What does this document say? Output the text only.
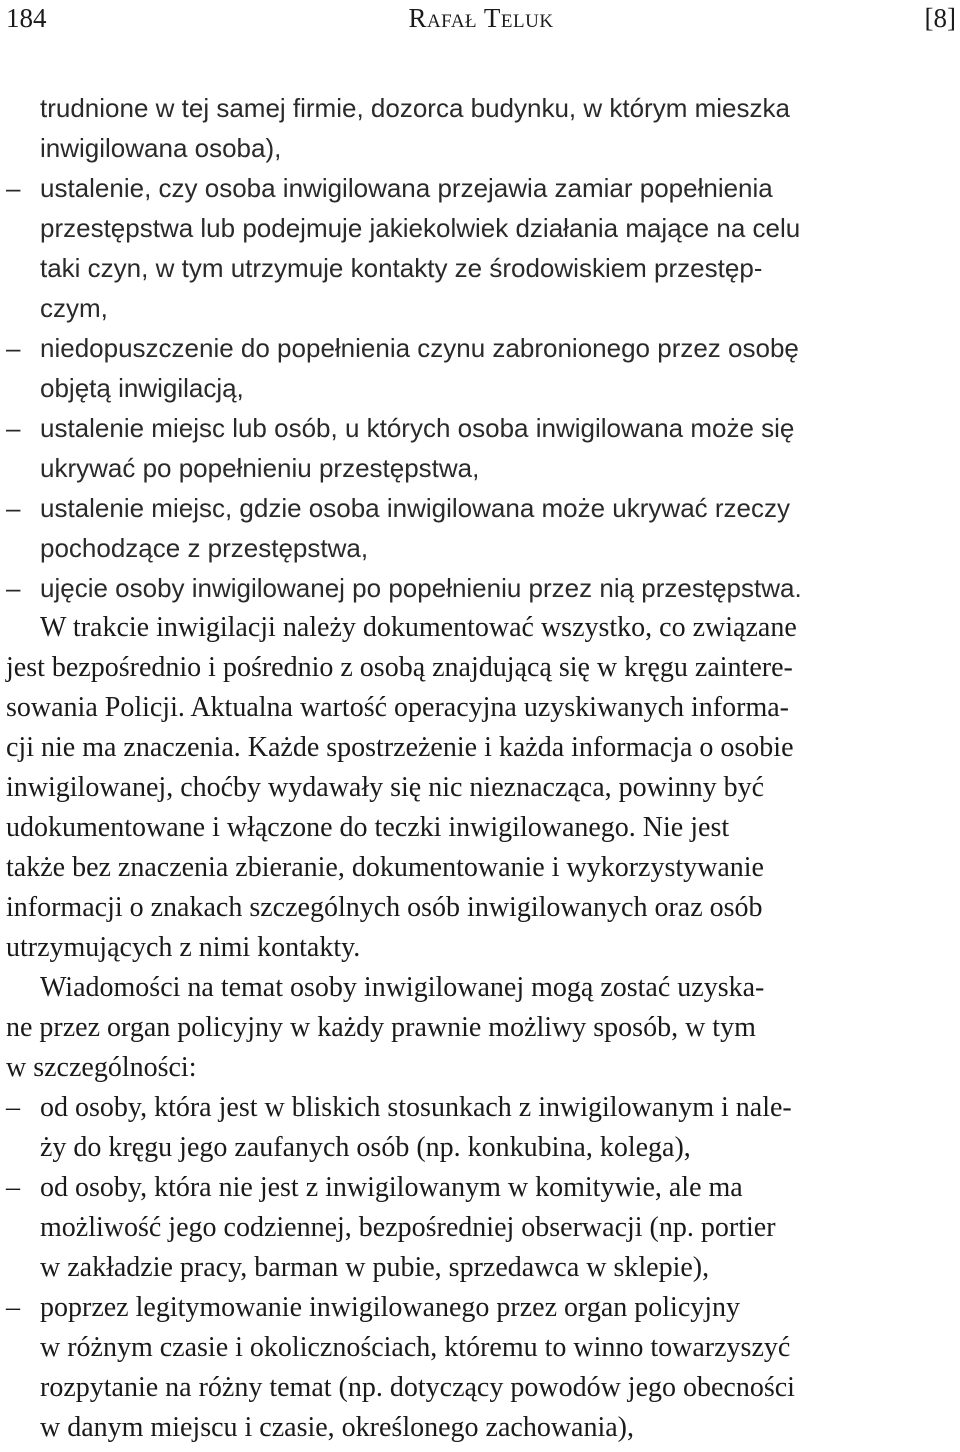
184	Rafał Teluk	[8]
trudnione w tej samej firmie, dozorca budynku, w którym mieszka
inwigilowana osoba),
– ustalenie, czy osoba inwigilowana przejawia zamiar popełnienia
przestępstwa lub podejmuje jakiekolwiek działania mające na celu
taki czyn, w tym utrzymuje kontakty ze środowiskiem przestęp-
czym,
– niedopuszczenie do popełnienia czynu zabronionego przez osobę
objętą inwigilacją,
– ustalenie miejsc lub osób, u których osoba inwigilowana może się
ukrywać po popełnieniu przestępstwa,
– ustalenie miejsc, gdzie osoba inwigilowana może ukrywać rzeczy
pochodzące z przestępstwa,
– ujęcie osoby inwigilowanej po popełnieniu przez nią przestępstwa.
W trakcie inwigilacji należy dokumentować wszystko, co związane
jest bezpośrednio i pośrednio z osobą znajdującą się w kręgu zaintere-
sowania Policji. Aktualna wartość operacyjna uzyskiwanych informa-
cji nie ma znaczenia. Każde spostrzeżenie i każda informacja o osobie
inwigilowanej, choćby wydawały się nic nieznacząca, powinny być
udokumentowane i włączone do teczki inwigilowanego. Nie jest
także bez znaczenia zbieranie, dokumentowanie i wykorzystywanie
informacji o znakach szczególnych osób inwigilowanych oraz osób
utrzymujących z nimi kontakty.
Wiadomości na temat osoby inwigilowanej mogą zostać uzyska-
ne przez organ policyjny w każdy prawnie możliwy sposób, w tym
w szczególności:
– od osoby, która jest w bliskich stosunkach z inwigilowanym i nale-
ży do kręgu jego zaufanych osób (np. konkubina, kolega),
– od osoby, która nie jest z inwigilowanym w komitywie, ale ma
możliwość jego codziennej, bezpośredniej obserwacji (np. portier
w zakładzie pracy, barman w pubie, sprzedawca w sklepie),
– poprzez legitymowanie inwigilowanego przez organ policyjny
w różnym czasie i okolicznościach, któremu to winno towarzyszyć
rozpytanie na różny temat (np. dotyczący powodów jego obecności
w danym miejscu i czasie, określonego zachowania),
